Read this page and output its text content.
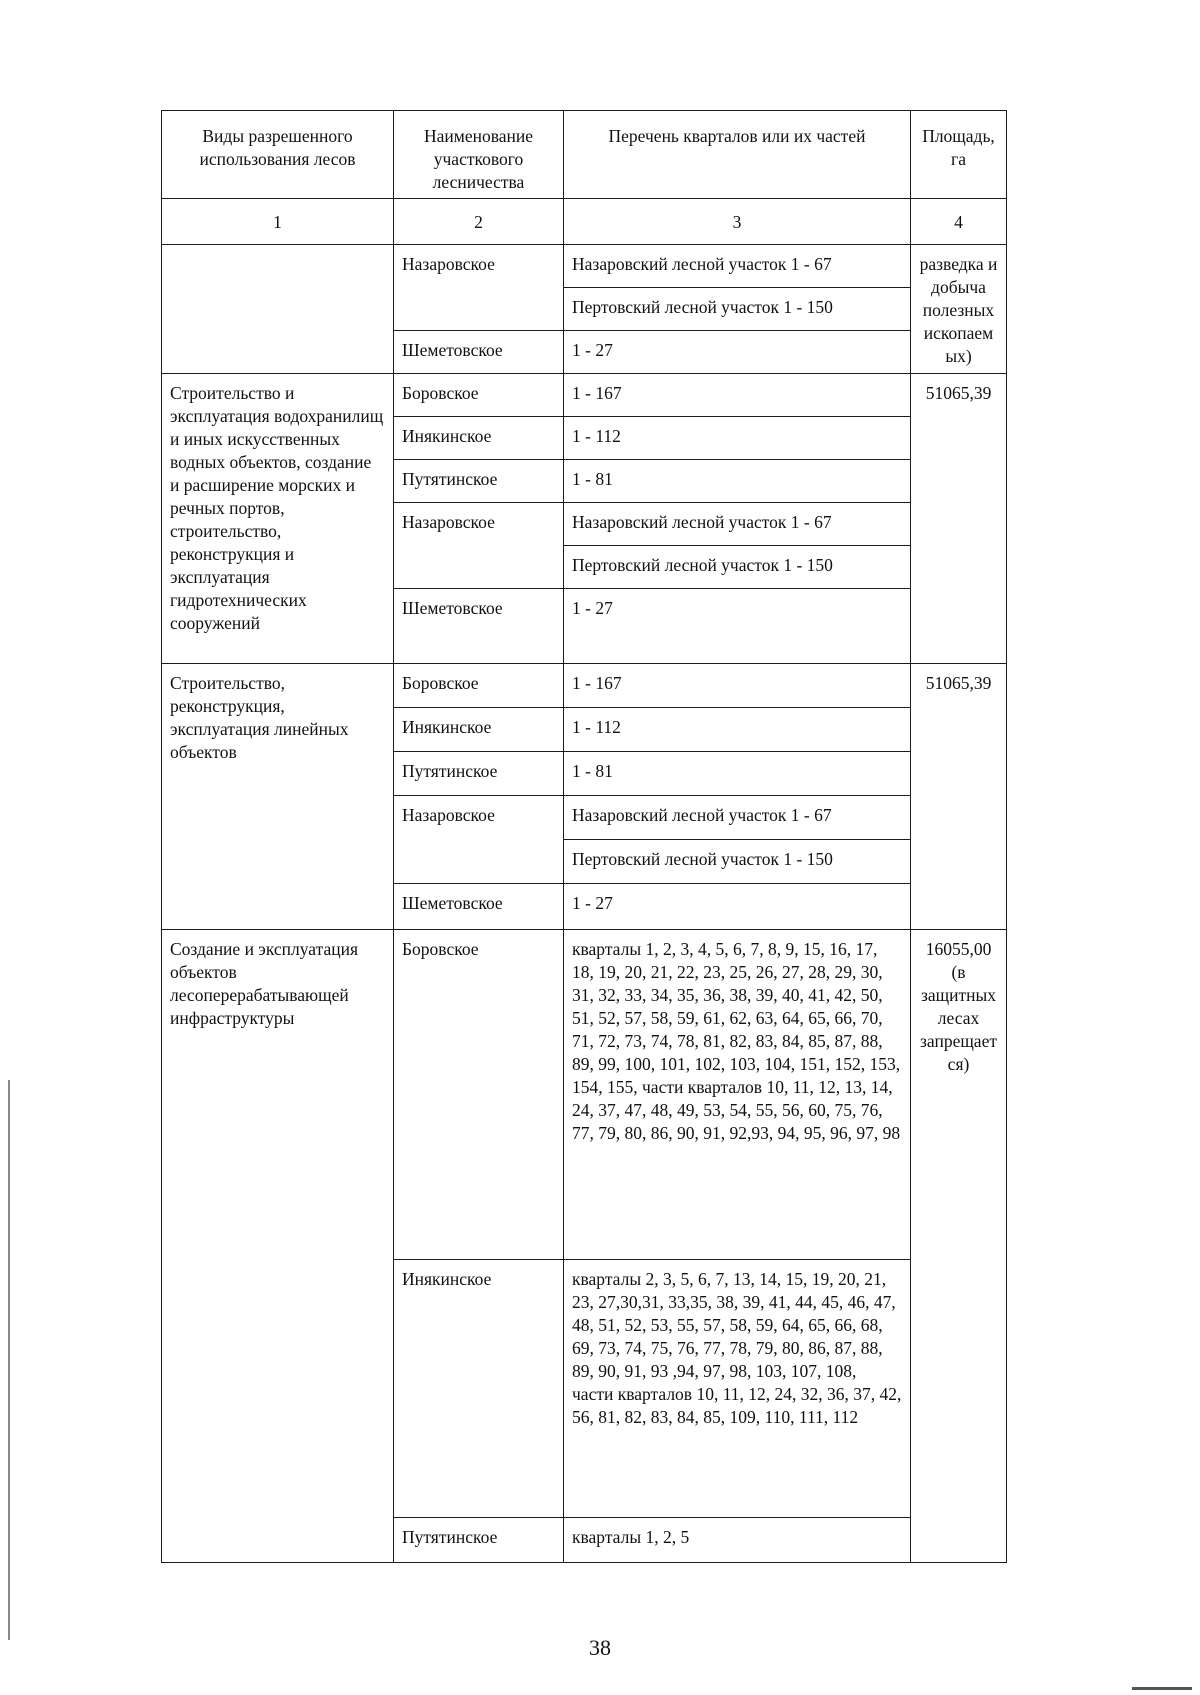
Виды разрешенного использования лесов	Наименование участкового лесничества	Перечень кварталов или их частей	Площадь, га
1	2	3	4
	Назаровское	Назаровский лесной участок 1 - 67	разведка и добыча полезных ископаемых)
		Пертовский лесной участок 1 - 150	
	Шеметовское	1 - 27	
Строительство и эксплуатация водохранилищ и иных искусственных водных объектов, создание и расширение морских и речных портов, строительство, реконструкция и эксплуатация гидротехнических сооружений	Боровское	1 - 167	51065,39
	Инякинское	1 - 112	
	Путятинское	1 - 81	
	Назаровское	Назаровский лесной участок 1 - 67	
		Пертовский лесной участок 1 - 150	
	Шеметовское	1 - 27	
Строительство, реконструкция, эксплуатация линейных объектов	Боровское	1 - 167	51065,39
	Инякинское	1 - 112	
	Путятинское	1 - 81	
	Назаровское	Назаровский лесной участок 1 - 67	
		Пертовский лесной участок 1 - 150	
	Шеметовское	1 - 27	
Создание и эксплуатация объектов лесоперерабатывающей инфраструктуры	Боровское	кварталы 1, 2, 3, 4, 5, 6, 7, 8, 9, 15, 16, 17, 18, 19, 20, 21, 22, 23, 25, 26, 27, 28, 29, 30, 31, 32, 33, 34, 35, 36, 38, 39, 40, 41, 42, 50, 51, 52, 57, 58, 59, 61, 62, 63, 64, 65, 66, 70, 71, 72, 73, 74, 78, 81, 82, 83, 84, 85, 87, 88, 89, 99, 100, 101, 102, 103, 104, 151, 152, 153, 154, 155, части кварталов 10, 11, 12, 13, 14, 24, 37, 47, 48, 49, 53, 54, 55, 56, 60, 75, 76, 77, 79, 80, 86, 90, 91, 92,93, 94, 95, 96, 97, 98	16055,00 (в защитных лесах запрещается)
	Инякинское	кварталы 2, 3, 5, 6, 7, 13, 14, 15, 19, 20, 21, 23, 27,30,31, 33,35, 38, 39, 41, 44, 45, 46, 47, 48, 51, 52, 53, 55, 57, 58, 59, 64, 65, 66, 68, 69, 73, 74, 75, 76, 77, 78, 79, 80, 86, 87, 88, 89, 90, 91, 93 ,94, 97, 98, 103, 107, 108, части кварталов 10, 11, 12, 24, 32, 36, 37, 42, 56, 81, 82, 83, 84, 85, 109, 110, 111, 112	
	Путятинское	кварталы 1, 2, 5	
38
